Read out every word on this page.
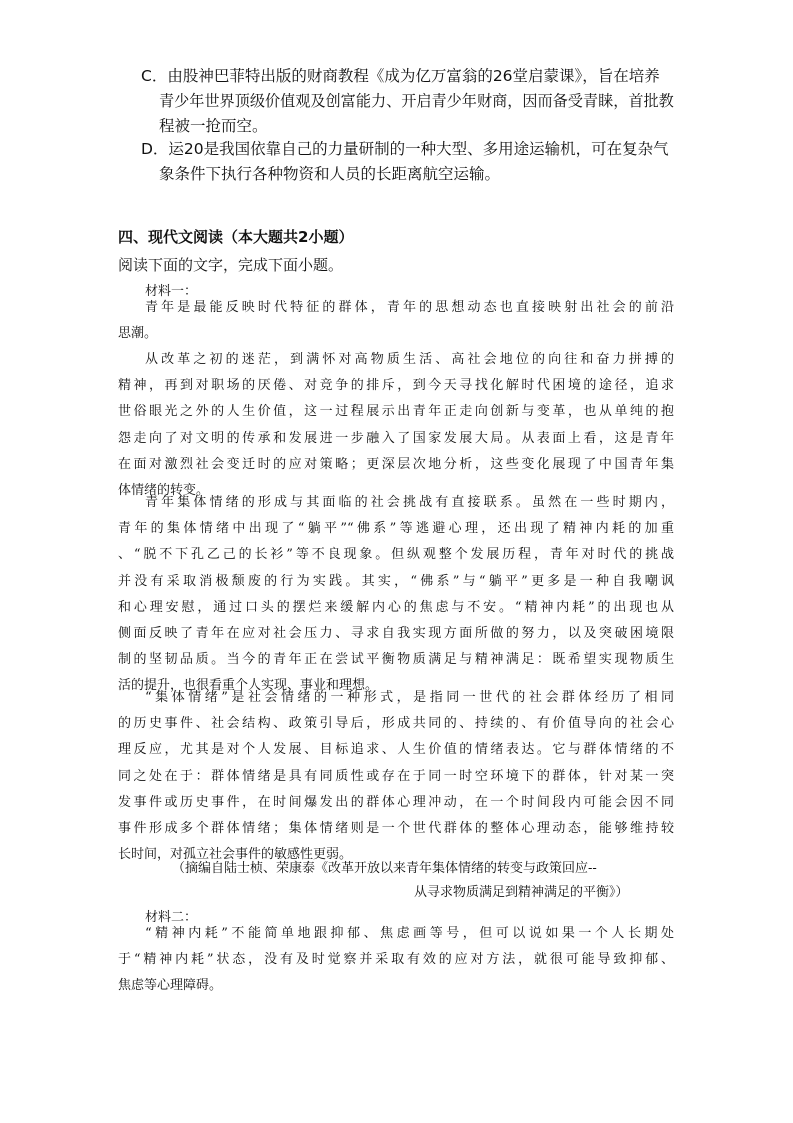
C．由股神巴菲特出版的财商教程《成为亿万富翁的26堂启蒙课》，旨在培养
青少年世界顶级价值观及创富能力、开启青少年财商，因而备受青睐，首批教
程被一抢而空。
D．运20是我国依靠自己的力量研制的一种大型、多用途运输机，可在复杂气
象条件下执行各种物资和人员的长距离航空运输。
四、现代文阅读（本大题共2小题）
阅读下面的文字，完成下面小题。
材料一：
青年是最能反映时代特征的群体，青年的思想动态也直接映射出社会的前沿
思潮。
从改革之初的迷茫，到满怀对高物质生活、高社会地位的向往和奋力拼搏的
精神，再到对职场的厌倦、对竞争的排斥，到今天寻找化解时代困境的途径，追求
世俗眼光之外的人生价值，这一过程展示出青年正走向创新与变革，也从单纯的抱
怨走向了对文明的传承和发展进一步融入了国家发展大局。从表面上看，这是青年
在面对激烈社会变迁时的应对策略；更深层次地分析，这些变化展现了中国青年集
体情绪的转变。
青年集体情绪的形成与其面临的社会挑战有直接联系。虽然在一些时期内，
青年的集体情绪中出现了“躺平”“佛系”等逃避心理，还出现了精神内耗的加重
、“脱不下孔乙己的长衫”等不良现象。但纵观整个发展历程，青年对时代的挑战
并没有采取消极颓废的行为实践。其实，“佛系”与“躺平”更多是一种自我嘲讽
和心理安慰，通过口头的摆烂来缓解内心的焦虑与不安。“精神内耗”的出现也从
侧面反映了青年在应对社会压力、寻求自我实现方面所做的努力，以及突破困境限
制的坚韧品质。当今的青年正在尝试平衡物质满足与精神满足：既希望实现物质生
活的提升，也很看重个人实现、事业和理想。
“集体情绪”是社会情绪的一种形式，是指同一世代的社会群体经历了相同
的历史事件、社会结构、政策引导后，形成共同的、持续的、有价值导向的社会心
理反应，尤其是对个人发展、目标追求、人生价值的情绪表达。它与群体情绪的不
同之处在于：群体情绪是具有同质性或存在于同一时空环境下的群体，针对某一突
发事件或历史事件，在时间爆发出的群体心理冲动，在一个时间段内可能会因不同
事件形成多个群体情绪；集体情绪则是一个世代群体的整体心理动态，能够维持较
长时间，对孤立社会事件的敏感性更弱。
（摘编自陆士桢、荣康泰《改革开放以来青年集体情绪的转变与政策回应--
从寻求物质满足到精神满足的平衡》）
材料二：
“精神内耗”不能简单地跟抑郁、焦虑画等号，但可以说如果一个人长期处
于“精神内耗”状态，没有及时觉察并采取有效的应对方法，就很可能导致抑郁、
焦虑等心理障碍。
